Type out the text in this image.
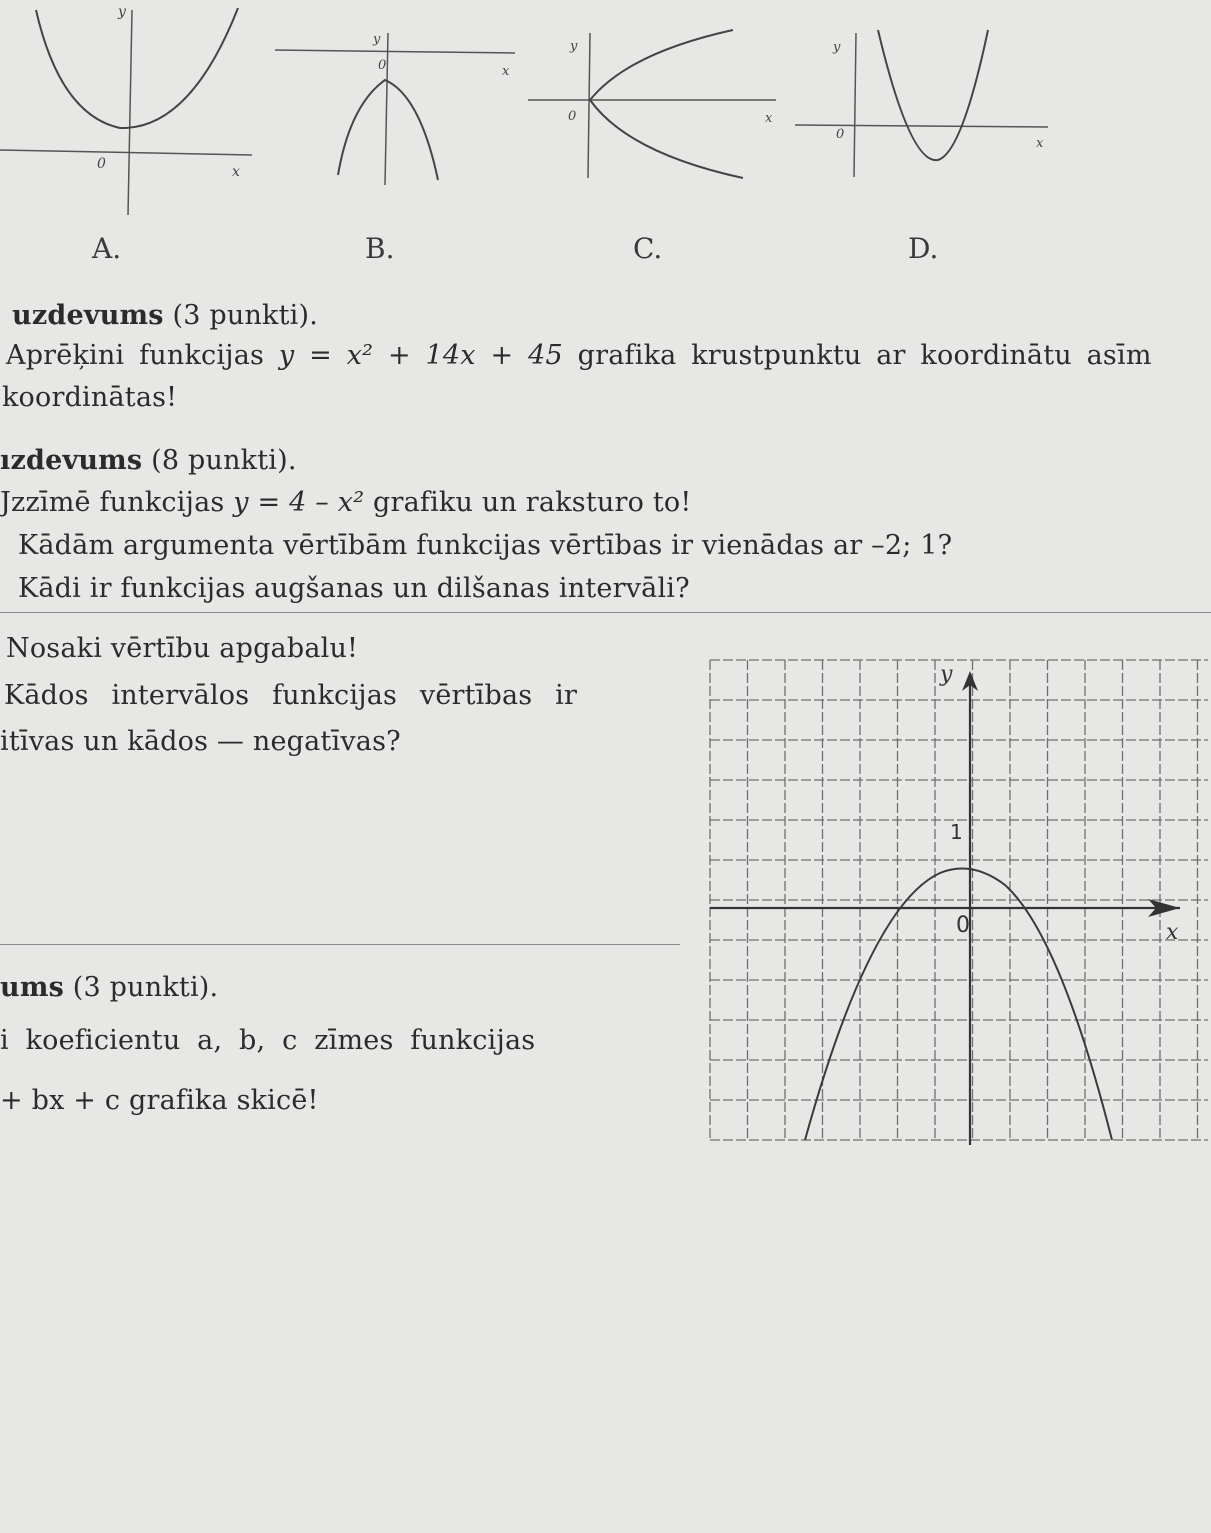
0	x
y
A.
0	x
y
B.
0	x
y
C.
0
x
y
D.
uzdevums (3 punkti).
Aprēķini funkcijas y = x² + 14x + 45 grafika krustpunktu ar koordinātu asīm
koordinātas!
ızdevums (8 punkti).
Jzzīmē funkcijas y = 4 – x² grafiku un raksturo to!
Kādām argumenta vērtībām funkcijas vērtības ir vienādas ar –2; 1?
Kādi ir funkcijas augšanas un dilšanas intervāli?
Nosaki vērtību apgabalu!
Kādos intervālos funkcijas vērtības ir
itīvas un kādos — negatīvas?
ums (3 punkti).
i koeficientu a, b, c zīmes funkcijas
+ bx + c grafika skicē!
y
x
0
1
